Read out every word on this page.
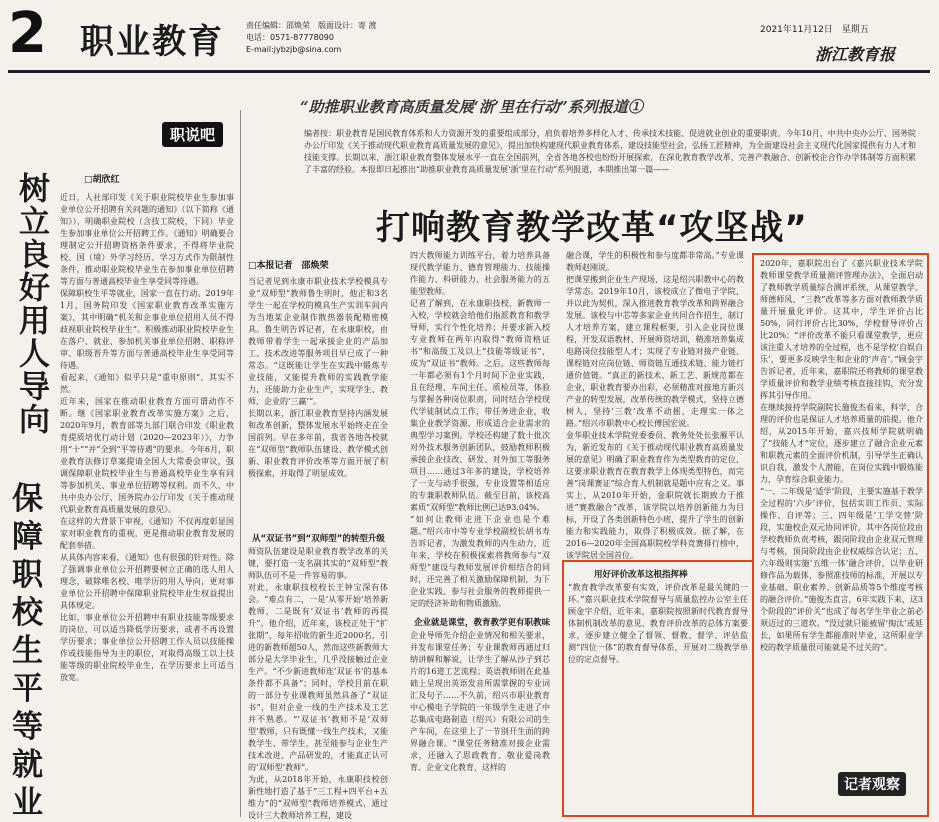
2 职业教育	责任编辑：邵焕荣　版面设计：寄 渡
电话：0571-87778090
E-mail:jybzjb@sina.com
2021年11月12日　星期五
浙江教育报
“助推职业教育高质量发展‘浙’里在行动”系列报道①
编者按：职业教育是国民教育体系和人力资源开发的重要组成部分，肩负着培养多样化人才、传承技术技能、促进就业创业的重要职责。今年10月，中共中央办公厅、国务院办公厅印发《关于推动现代职业教育高质量发展的意见》，提出加快构建现代职业教育体系，建设技能型社会，弘扬工匠精神，为全面建设社会主义现代化国家提供有力人才和技能支撑。长期以来，浙江职业教育整体发展水平一直在全国前列，全省各地各校也纷纷开展探索，在深化教育教学改革、完善产教融合、创新校企合作办学体制等方面积累了丰富的经验。本报即日起推出“助推职业教育高质量发展‘浙’里在行动”系列报道，本期推出第一篇——
职说吧
□胡欣红
树立良好用人导向
保障职校生平等就业
近日，人社部印发《关于职业院校毕业生参加事业单位公开招聘有关问题的通知》（以下简称《通知》），明确职业院校（含技工院校，下同）毕业生参加事业单位公开招聘工作。《通知》明确要合理制定公开招聘资格条件要求，不得将毕业院校、国（境）外学习经历、学习方式作为限制性条件，推动职业院校毕业生在参加事业单位招聘等方面与普通高校毕业生享受同等待遇。
保障职校生平等就业，国家一直在行动。2019年1月，国务院印发《国家职业教育改革实施方案》，其中明确“机关和企事业单位招用人员不得歧视职业院校毕业生”。积极推动职业院校毕业生在落户、就业、参加机关事业单位招聘、职称评审、职级晋升等方面与普通高校毕业生享受同等待遇。
看起来，《通知》似乎只是“重申原则”，其实不然。
近年来，国家在推动职业教育方面可谓动作不断。继《国家职业教育改革实施方案》之后，2020年9月，教育部等九部门联合印发《职业教育提质培优行动计划（2020—2023年）》，力争用“十”“并”全到“平等待遇”的要求。今年6月，职业教育法修订草案提请全国人大常委会审议，强调保障职业院校毕业生与普通高校毕业生享有同等参加机关、事业单位招聘等权利。而不久，中共中央办公厅、国务院办公厅印发《关于推动现代职业教育高质量发展的意见》。
在这样的大背景下审视，《通知》不仅再度彰显国家对职业教育的重视，更是推动职业教育发展的配套举措。
从具体内容来看，《通知》也有很强的针对性。除了强调事业单位公开招聘要树立正确的选人用人理念，破除唯名校、唯学历的用人导向，更对事业单位公开招聘中保障职业院校毕业生权益提出具体规定。
比如，事业单位公开招聘中有职业技能等级要求的岗位，可以适当降低学历要求，或者不再设置学历要求；事业单位公开招聘工作人员以技能操作或技能指导为主的职位，对取得高级工以上技能等级的职业院校毕业生，在学历要求上可适当放宽。
打响教育教学改革“攻坚战”
□本报记者　邵焕荣
当记者见到永康市职业技术学校模具专业“双师型”教师鲁生明时，他正和3名学生一起在学校的模具生产实训车间内为当地某企业制作散热器装配精密模具。鲁生明告诉记者，在永康职校，由教师带着学生一起承接企业的产品加工、技术改进等服务项目早已成了一种常态。“这既能让学生在实践中锻炼专业技能，又能提升教师的实践教学能力，还能助力企业生产，实现学生、教师、企业的‘三赢’”。
长期以来，浙江职业教育坚持内涵发展和改革创新，整体发展水平始终走在全国前列。早在多年前，我省各地各校就在“双师型”教师队伍建设、教学模式创新、职业教育评价改革等方面开展了积极探索，并取得了明显成效。
从“双证书”到“双师型”的转型升级
师资队伍建设是职业教育教学改革的关键，要打造一支名副其实的“双师型”教师队伍可不是一件容易的事。
对此，永康职技校校长王钟宝深有体会。“难点有二，一是‘从零开始’培养新教师，二是既有‘双证书’教师的再提升”。他介绍，近年来，该校正处于“扩张期”，每年招收的新生近2000名，引进的新教师超50人，然而这些新教师大部分是大学毕业生，几乎没接触过企业生产。“不少新进教师连‘双证书’的基本条件都不具备”；同时，学校目前在职的一部分专业课教师虽然具备了“双证书”，但对企业一线的生产技术及工艺并不熟悉。“‘双证书’教师不是‘双师型’教师，只有既懂一线生产技术，又能教学生、带学生，甚至能参与企业生产技术改进、产品研发的，才能真正认可的‘双师型’教师”。
为此，从2018年开始，永康职技校创新性地打造了基于“三工程+四平台+五维力”的“双师型”教师培养模式，通过设计三大教师培养工程，建设
四大教师能力训练平台，着力培养具备现代教学能力、德育管理能力、技能操作能力、科研能力、社会服务能力的五能型教师。
记者了解到，在永康职技校，新教师一入校，学校就会给他们指派教育和教学导师，实行个性化培养；并要求新入校专业教师在两年内取得“教师资格证书”和高级工及以上“技能等级证书”，成为“双证书”教师。之后，这些教师每一年都必须有1个月时间下企业实践，且在经理、车间主任、质检员等，体验与掌握各种岗位职责，同时结合学校现代学徒制试点工作，带任务进企业，收集企业教学资源，形成适合企业需求的典型学习案例。学校还构建了数十批次对外技术服务创新团队，鼓励教师积极承接企业技改、研发、对外加工等服务项目……通过3年多的建设，学校培养了一支与动手很强，专业设置等相适应的专兼职教师队伍。截至目前，该校高素质“双师型”教师比例已达93.04%。
“如何让教师走进下企业也是个难题。”绍兴市中等专业学校副校长胡书寿告诉记者，为激发教师的内生动力，近年来，学校在积极探索将教师参与“双师型”建设与教师发展评价相结合的同时，还完善了相关激励保障机制，为下企业实践、参与社会服务的教师提供一定的经济补助和物质激励。
企业就是课堂，教育教学更有职教味
企业导师先介绍企业情况和相关要求，并发布课堂任务；专业课教师再通过归纳讲解和解说，让学生了解从沙子到芯片的16道工艺流程；英语教师则在此基础上呈现出英语发音所需掌握的专业词汇及句子……不久前，绍兴市职业教育中心模电子学院的一年级学生走进了中芯集成电路制造（绍兴）有限公司的生产车间，在这里上了一节别开生面的跨界融合课。“课堂任务精准对接企业需求，还融入了思政教育、敬业爱岗教育、企业文化教育，这样的
融合课，学生的积极性和参与度都非常高。”专业课教师赵刚说。
把课堂搬到企业生产现场，这是绍兴职教中心的教学常态。2019年10月，该校成立了微电子学院，并以此为契机，深入推进教育教学改革和跨界融合发展。该校与中芯等多家企业共同合作招生，制订人才培养方案，建立课程框架，引入企业岗位课程，开发双语教材、开展师资培训，精准培养集成电路岗位技能型人才；实现了专业链对接产业链、课程链对应岗位链、师资链互通技术链、能力链打通价值链。“真正的新技术、新工艺、新规范都在企业，职业教育要办出彩，必须精准对接地方新兴产业的转型发展，改革传统的教学模式，坚持立德树人，坚持‘三教’改革不动摇，走理实一体之路。”绍兴市职教中心校长傅国宏说。
金华职业技术学院党委委员、教务处处长张雁平认为，新近发布的《关于推动现代职业教育高质量发展的意见》明确了职业教育作为类型教育的定位，这要求职业教育在教育教学上体现类型特色，而完善“岗课赛证”综合育人机制就是题中应有之义。事实上，从2010年开始，金职院就长期致力于推进“赛教融合”改革，该学院以培养创新能力为目标，开设了各类创新特色小班，提升了学生的创新能力和实践能力，取得了积极成效。据了解，在2016—2020年全国高职院校学科竞赛排行榜中，该学院居全国首位。
用好评价改革这根指挥棒
“教育教学改革要有实效，评价改革是最关键的一环。”嘉兴职业技术学院督导与质量监控办公室主任顾金宇介绍，近年来，嘉职院按照新时代教育督导体制机制改革的意见、教育评价改革的总体方案要求，逐步建立健全了督领、督教、督学、评估监测“四位一体”的教育督导体系，开展对二级教学单位的定点督导。
2020年，嘉职院出台了《嘉兴职业技术学院教师课堂教学质量测评管理办法》，全面启动了教师教学质量综合测评系统，从课堂教学、师德师风、“三教”改革等多方面对教师教学质量开展量化评价。这其中，学生评价占比50%，同行评价占比30%，学校督导评价占比20%；“评价改革不能只看课堂教学，更应该注重人才培养的全过程，也不是学校‘自娱自乐’，要更多反映学生和企业的‘声音’。”顾金宇告诉记者，近年来，嘉职院还将教师的课堂教学质量评价和教学业绩考核直接挂钩，充分发挥其引导作用。
在继续接持学院副院长施俊杰看来，科学、合理的评价也是保证人才培养质量的前提。他介绍，从2015年开始，嘉兴技师学院就明确了“技能人才”定位，逐步建立了融合企业元素和职教元素的全面评价机制，引导学生正确认识自我，激发个人潜能，在岗位实践中锻炼能力，孕育综合职业能力。
“一、二年级是‘适学’阶段，主要实施基于教学全过程的‘六步’评价，包括实训工作页、实际操作、自评等；三、四年级是‘工学交替’阶段，实施校企双元协同评价，其中各岗位段由学校教师负责考核，跟岗阶段由企业双元管理与考核，顶岗阶段由企业权威综合认定；五、六年级则实施‘五维一体’融合评价，以毕业研修作品为载体，参照准技师的标准，开展以专业基础、职业素养、创新品质等5个维度考核的融合评价。”施俊杰直言，6年实践下来，这3个阶段的“评价关”也成了每名学生毕业之前必须迈过的三道坎。“没过就只能被留‘掏汰’或延长，如果所有学生都能准时毕业，这所职业学校的教学质量很可能就是不过关的”。
记者观察
